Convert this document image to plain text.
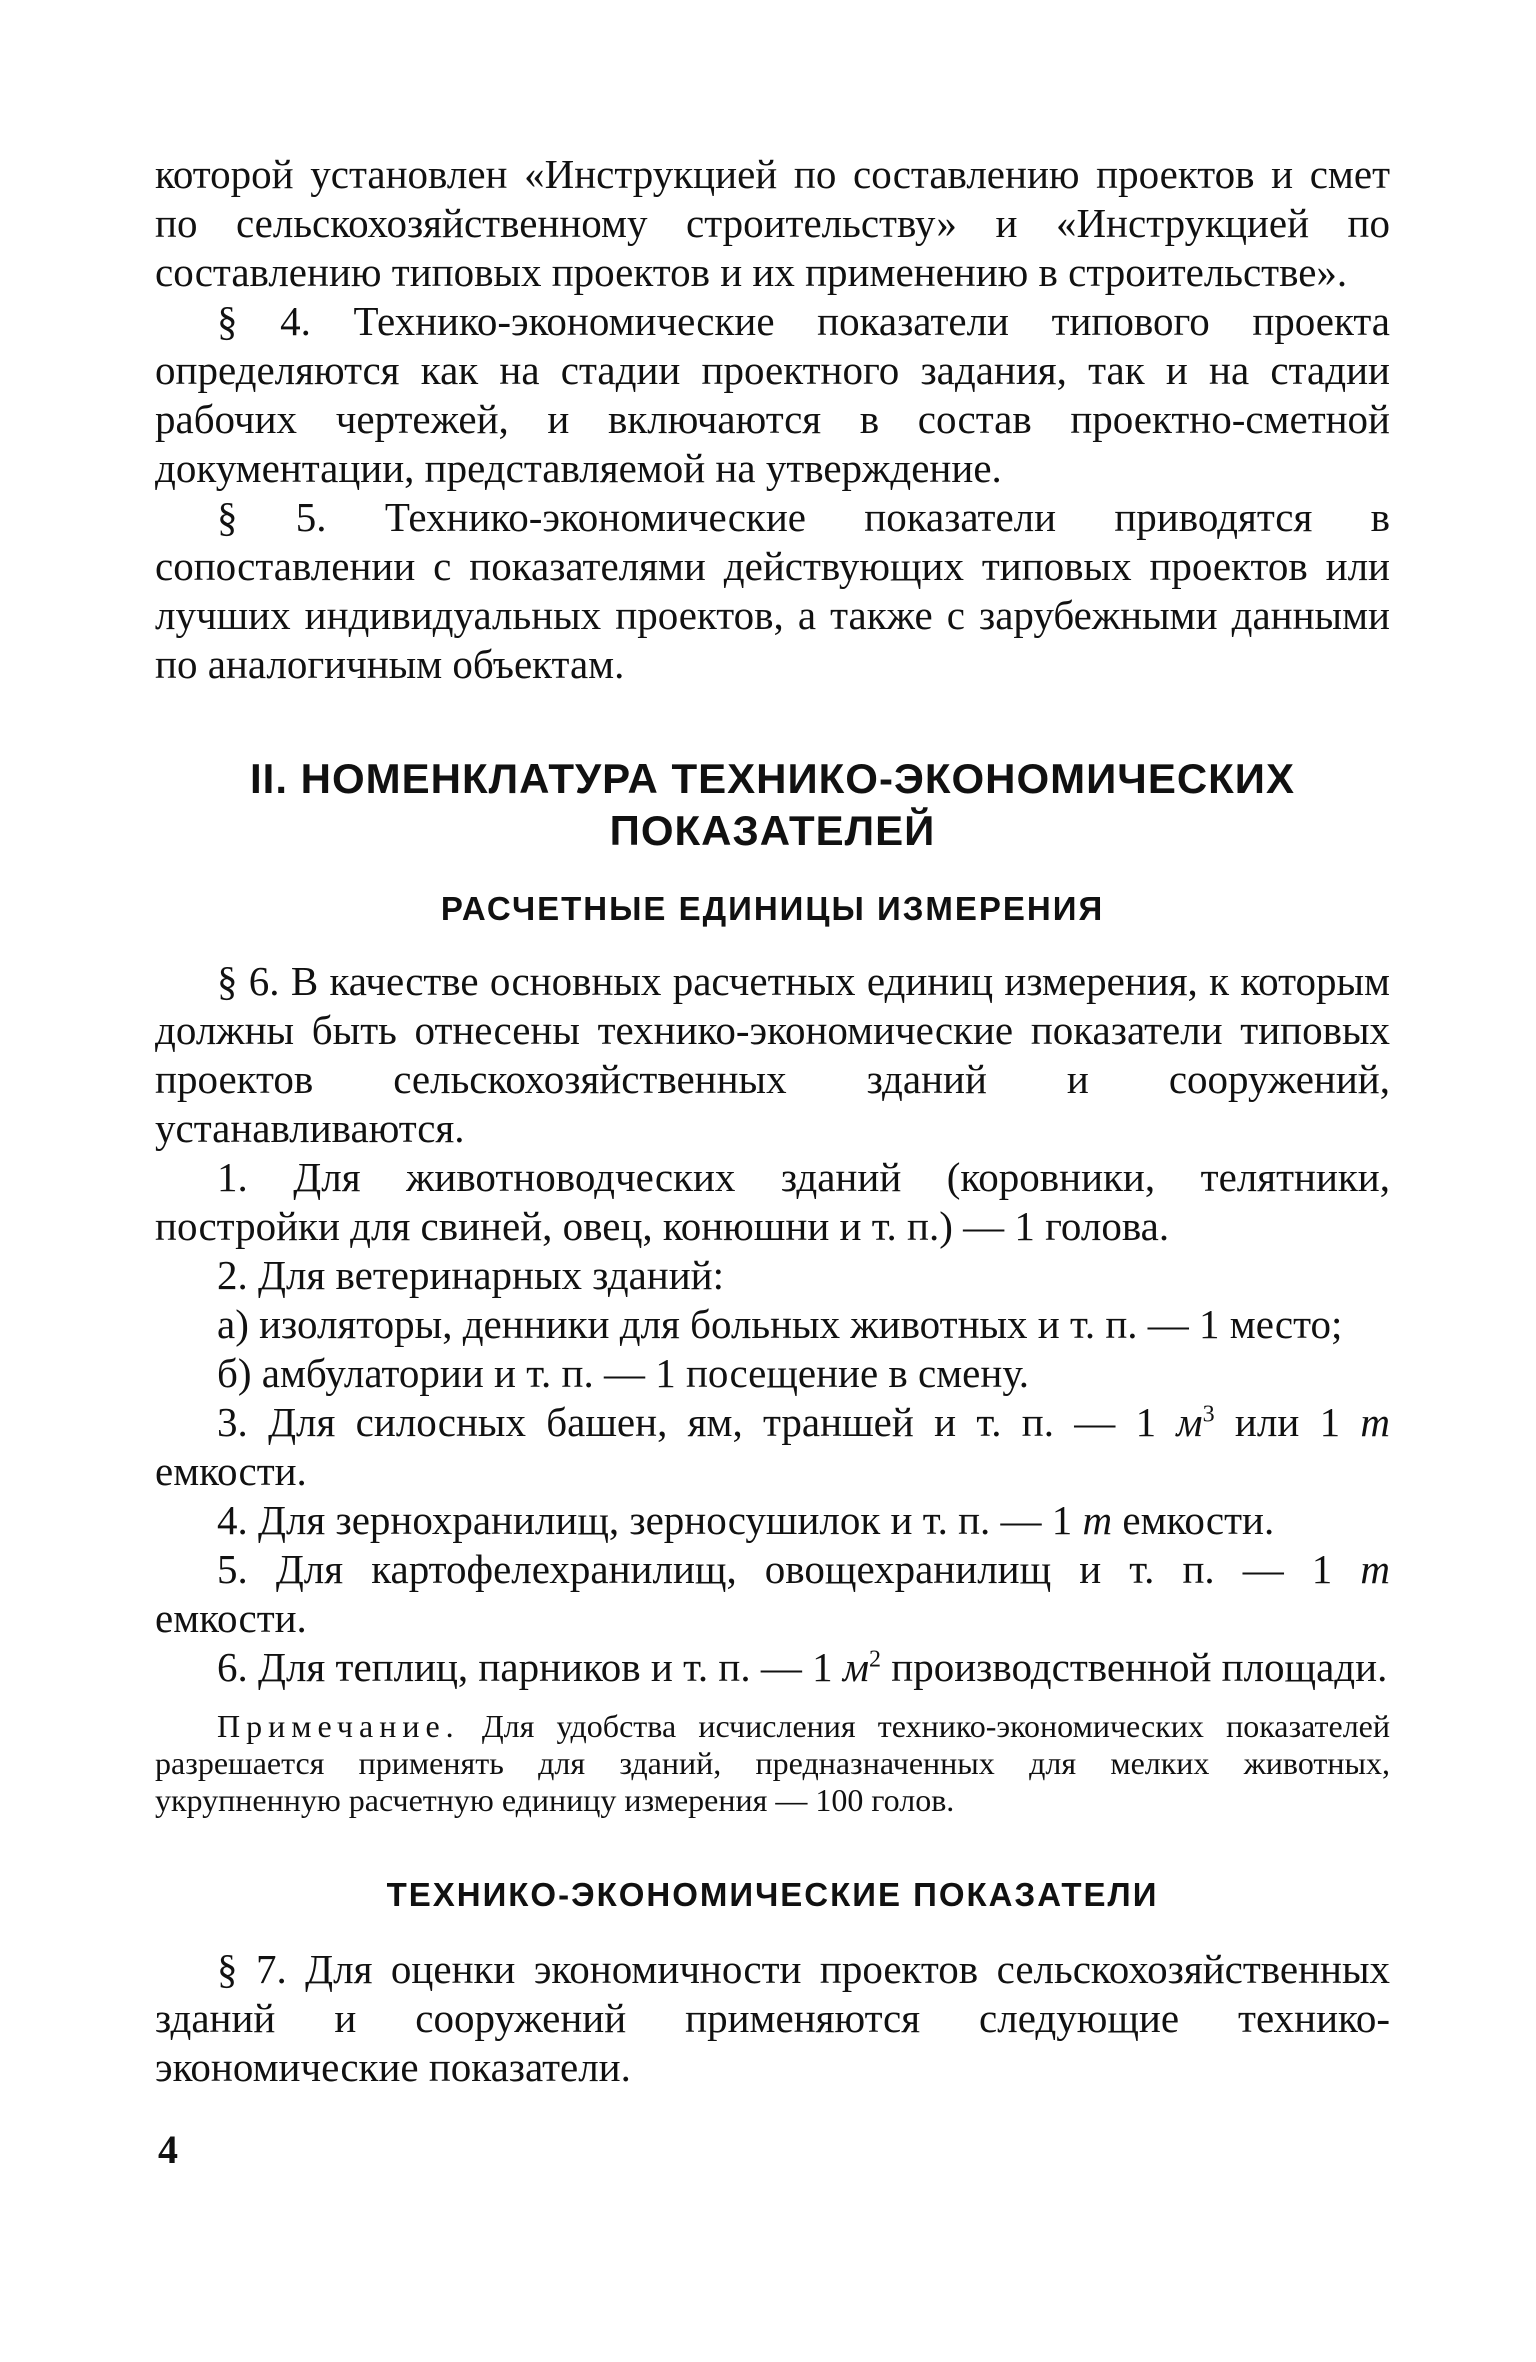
которой установлен «Инструкцией по составлению проектов и смет по сельскохозяйственному строительству» и «Инструкцией по составлению типовых проектов и их применению в строительстве».

§ 4. Технико-экономические показатели типового проекта определяются как на стадии проектного задания, так и на стадии рабочих чертежей, и включаются в состав проектно-сметной документации, представляемой на утверждение.

§ 5. Технико-экономические показатели приводятся в сопоставлении с показателями действующих типовых проектов или лучших индивидуальных проектов, а также с зарубежными данными по аналогичным объектам.

II. НОМЕНКЛАТУРА ТЕХНИКО-ЭКОНОМИЧЕСКИХ
ПОКАЗАТЕЛЕЙ
РАСЧЕТНЫЕ ЕДИНИЦЫ ИЗМЕРЕНИЯ

§ 6. В качестве основных расчетных единиц измерения, к которым должны быть отнесены технико-экономические показатели типовых проектов сельскохозяйственных зданий и сооружений, устанавливаются.

1. Для животноводческих зданий (коровники, телятники, постройки для свиней, овец, конюшни и т. п.) — 1 голова.

2. Для ветеринарных зданий:

а) изоляторы, денники для больных животных и т. п. — 1 место;

б) амбулатории и т. п. — 1 посещение в смену.

3. Для силосных башен, ям, траншей и т. п. — 1 $м^3$ или 1 т емкости.

4. Для зернохранилищ, зерносушилок и т. п. — 1 т емкости.

5. Для картофелехранилищ, овощехранилищ и т. п. — 1 т емкости.

6. Для теплиц, парников и т. п. — 1 $м^2$ производственной площади.

Примечание. Для удобства исчисления технико-экономических показателей разрешается применять для зданий, предназначенных для мелких животных, укрупненную расчетную единицу измерения — 100 голов.

ТЕХНИКО-ЭКОНОМИЧЕСКИЕ ПОКАЗАТЕЛИ

§ 7. Для оценки экономичности проектов сельскохозяйственных зданий и сооружений применяются следующие технико-экономические показатели.

4
